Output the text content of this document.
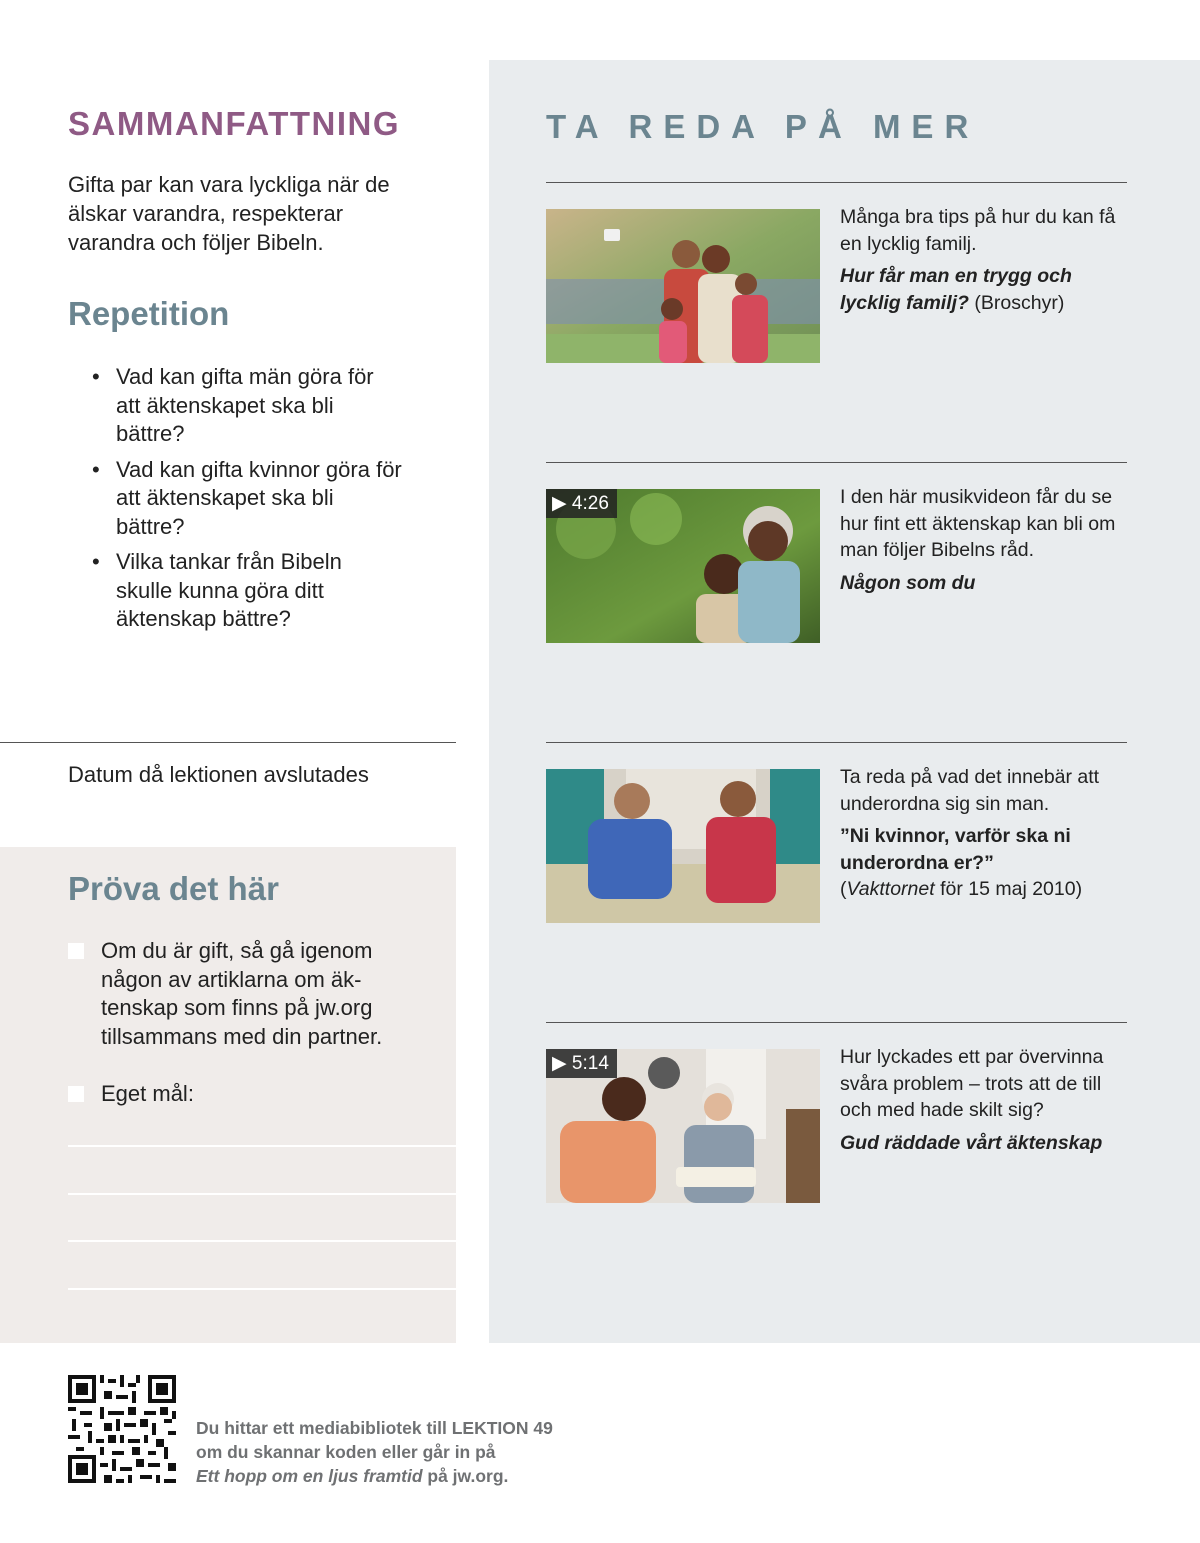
SAMMANFATTNING
Gifta par kan vara lyckliga när de älskar varandra, respekterar varandra och följer Bibeln.
Repetition
• Vad kan gifta män göra för att äktenskapet ska bli bättre?
• Vad kan gifta kvinnor göra för att äktenskapet ska bli bättre?
• Vilka tankar från Bibeln skulle kunna göra ditt äktenskap bättre?
Datum då lektionen avslutades
Pröva det här
Om du är gift, så gå igenom någon av artiklarna om äk-tenskap som finns på jw.org tillsammans med din partner.
Eget mål:
TA REDA PÅ MER
Många bra tips på hur du kan få en lycklig familj.
Hur får man en trygg och lycklig familj? (Broschyr)
▶ 4:26	I den här musikvideon får du se hur fint ett äktenskap kan bli om man följer Bibelns råd.
Någon som du
Ta reda på vad det innebär att underordna sig sin man.
”Ni kvinnor, varför ska ni underordna er?”
(Vakttornet för 15 maj 2010)
▶ 5:14	Hur lyckades ett par övervinna svåra problem – trots att de till och med hade skilt sig?
Gud räddade vårt äktenskap
Du hittar ett mediabibliotek till LEKTION 49
om du skannar koden eller går in på
Ett hopp om en ljus framtid på jw.org.
